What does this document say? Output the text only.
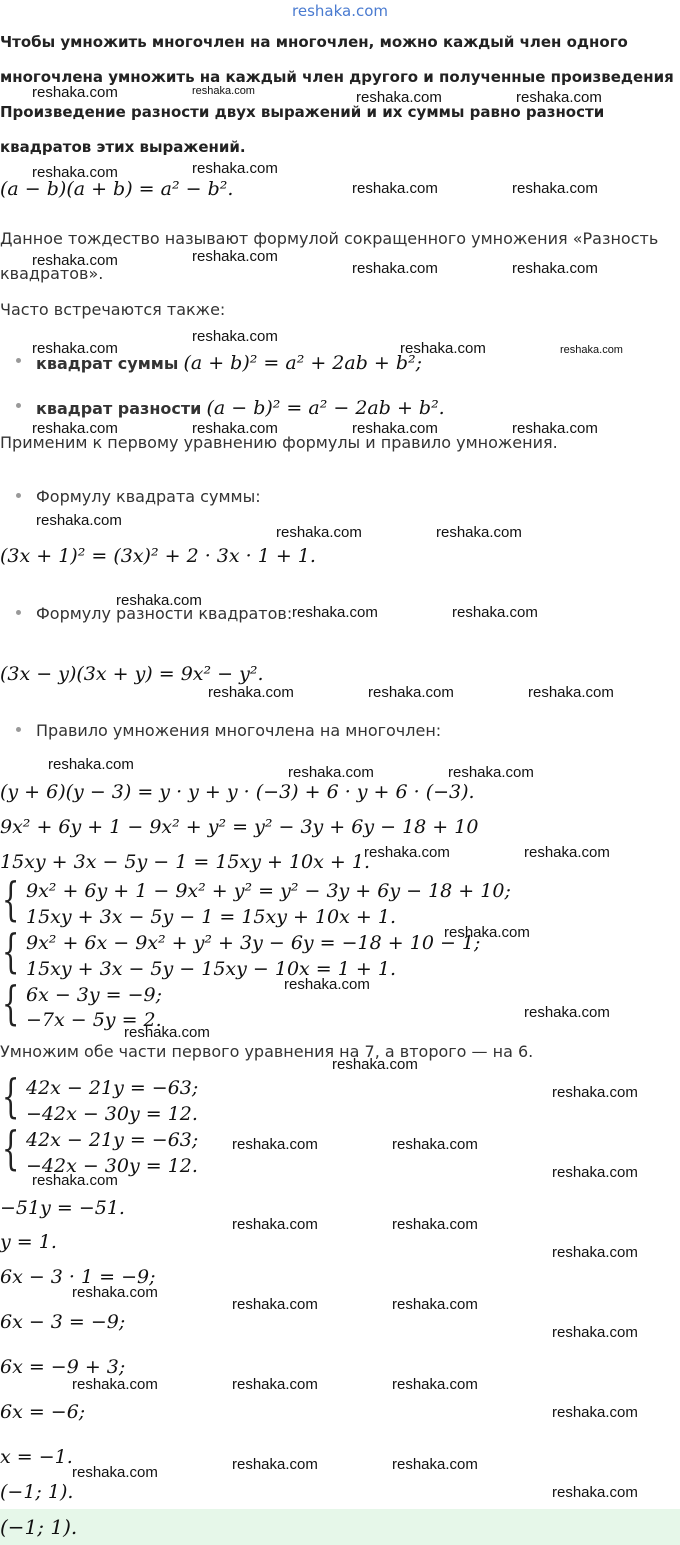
reshaka.com
Чтобы умножить многочлен на многочлен, можно каждый член одного
многочлена умножить на каждый член другого и полученные произведения
Произведение разности двух выражений и их суммы равно разности
квадратов этих выражений.
(a − b)(a + b) = a² − b².
Данное тождество называют формулой сокращенного умножения «Разность
квадратов».
Часто встречаются также:
квадрат суммы (a + b)² = a² + 2ab + b²;
квадрат разности (a − b)² = a² − 2ab + b².
Применим к первому уравнению формулы и правило умножения.
Формулу квадрата суммы:
(3x + 1)² = (3x)² + 2 · 3x · 1 + 1.
Формулу разности квадратов:
(3x − y)(3x + y) = 9x² − y².
Правило умножения многочлена на многочлен:
(y + 6)(y − 3) = y · y + y · (−3) + 6 · y + 6 · (−3).
9x² + 6y + 1 − 9x² + y² = y² − 3y + 6y − 18 + 10
15xy + 3x − 5y − 1 = 15xy + 10x + 1.
{
{
{
9x² + 6y + 1 − 9x² + y² = y² − 3y + 6y − 18 + 10;
15xy + 3x − 5y − 1 = 15xy + 10x + 1.
9x² + 6x − 9x² + y² + 3y − 6y = −18 + 10 − 1;
15xy + 3x − 5y − 15xy − 10x = 1 + 1.
6x − 3y = −9;
−7x − 5y = 2.
Умножим обе части первого уравнения на 7, а второго — на 6.
{
{
42x − 21y = −63;
−42x − 30y = 12.
42x − 21y = −63;
−42x − 30y = 12.
−51y = −51.
y = 1.
6x − 3 · 1 = −9;
6x − 3 = −9;
6x = −9 + 3;
6x = −6;
x = −1.
(−1; 1).
(−1; 1).
reshaka.com	reshaka.com	reshaka.com	reshaka.com
reshaka.com	reshaka.com
reshaka.com	reshaka.com
reshaka.com	reshaka.com
reshaka.com	reshaka.com
reshaka.com
reshaka.com	reshaka.com	reshaka.com
reshaka.com	reshaka.com	reshaka.com	reshaka.com
reshaka.com
reshaka.com	reshaka.com
reshaka.com
reshaka.com	reshaka.com
reshaka.com	reshaka.com	reshaka.com
reshaka.com	reshaka.com	reshaka.com
reshaka.com	reshaka.com
reshaka.com
reshaka.com
reshaka.com
reshaka.com
reshaka.com
reshaka.com
reshaka.com	reshaka.com
reshaka.com
reshaka.com
reshaka.com	reshaka.com
reshaka.com
reshaka.com
reshaka.com	reshaka.com
reshaka.com
reshaka.com	reshaka.com	reshaka.com
reshaka.com
reshaka.com	reshaka.com	reshaka.com
reshaka.com
